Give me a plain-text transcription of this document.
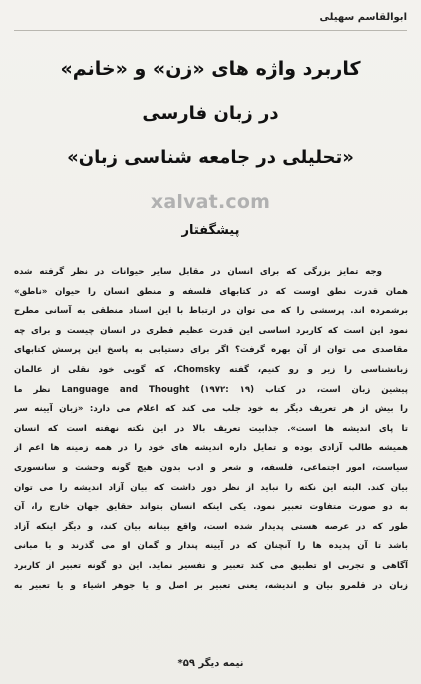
ابوالقاسم سهیلی
کاربرد واژه های «زن» و «خانم»
در زبان فارسی
«تحلیلی در جامعه شناسی زبان»
xalvat.com
پیشگفتار
وجه تمایز بزرگی که برای انسان در مقابل سایر حیوانات در نظر گرفته شده
همان قدرت نطق اوست که در کتابهای فلسفه و منطق انسان را حیوان «ناطق»
برشمرده اند. پرسشی را که می توان در ارتباط با این اسناد منطقی به آسانی مطرح
نمود این است که کاربرد اساسی این قدرت عظیم فطری در انسان چیست و برای چه
مقاصدی می توان از آن بهره گرفت؟ اگر برای دستیابی به پاسخ این پرسش کتابهای
زبانشناسی را زیر و رو کنیم، گفته Chomsky، که گویی خود نقلی از عالمان
پیشین زبان است، در کتاب Language and Thought (۱۹۷۲: ۱۹) نظر ما
را بیش از هر تعریف دیگر به خود جلب می کند که اعلام می دارد: «زبان آیینه سر
تا پای اندیشه ها است». جذابیت تعریف بالا در این نکته نهفته است که انسان
همیشه طالب آزادی بوده و تمایل داره اندیشه های خود را در همه زمینه ها اعم از
سیاست، امور اجتماعی، فلسفه، و شعر و ادب بدون هیچ گونه وحشت و سانسوری
بیان کند. البته این نکته را نباید از نظر دور داشت که بیان آزاد اندیشه را می توان
به دو صورت متفاوت تعبیر نمود. یکی اینکه انسان بتواند حقایق جهان خارج را، آن
طور که در عرصه هستی پدیدار شده است، واقع بینانه بیان کند، و دیگر اینکه آزاد
باشد تا آن پدیده ها را آنچنان که در آیینه پندار و گمان او می گذرند و با مبانی
آگاهی و تجربی او تطبیق می کند تعبیر و تفسیر نماید. این دو گونه تعبیر از کاربرد
زبان در قلمرو بیان و اندیشه، یعنی تعبیر بر اصل و یا جوهر اشیاء و یا تعبیر به
نیمه دیگر ۵۹*
